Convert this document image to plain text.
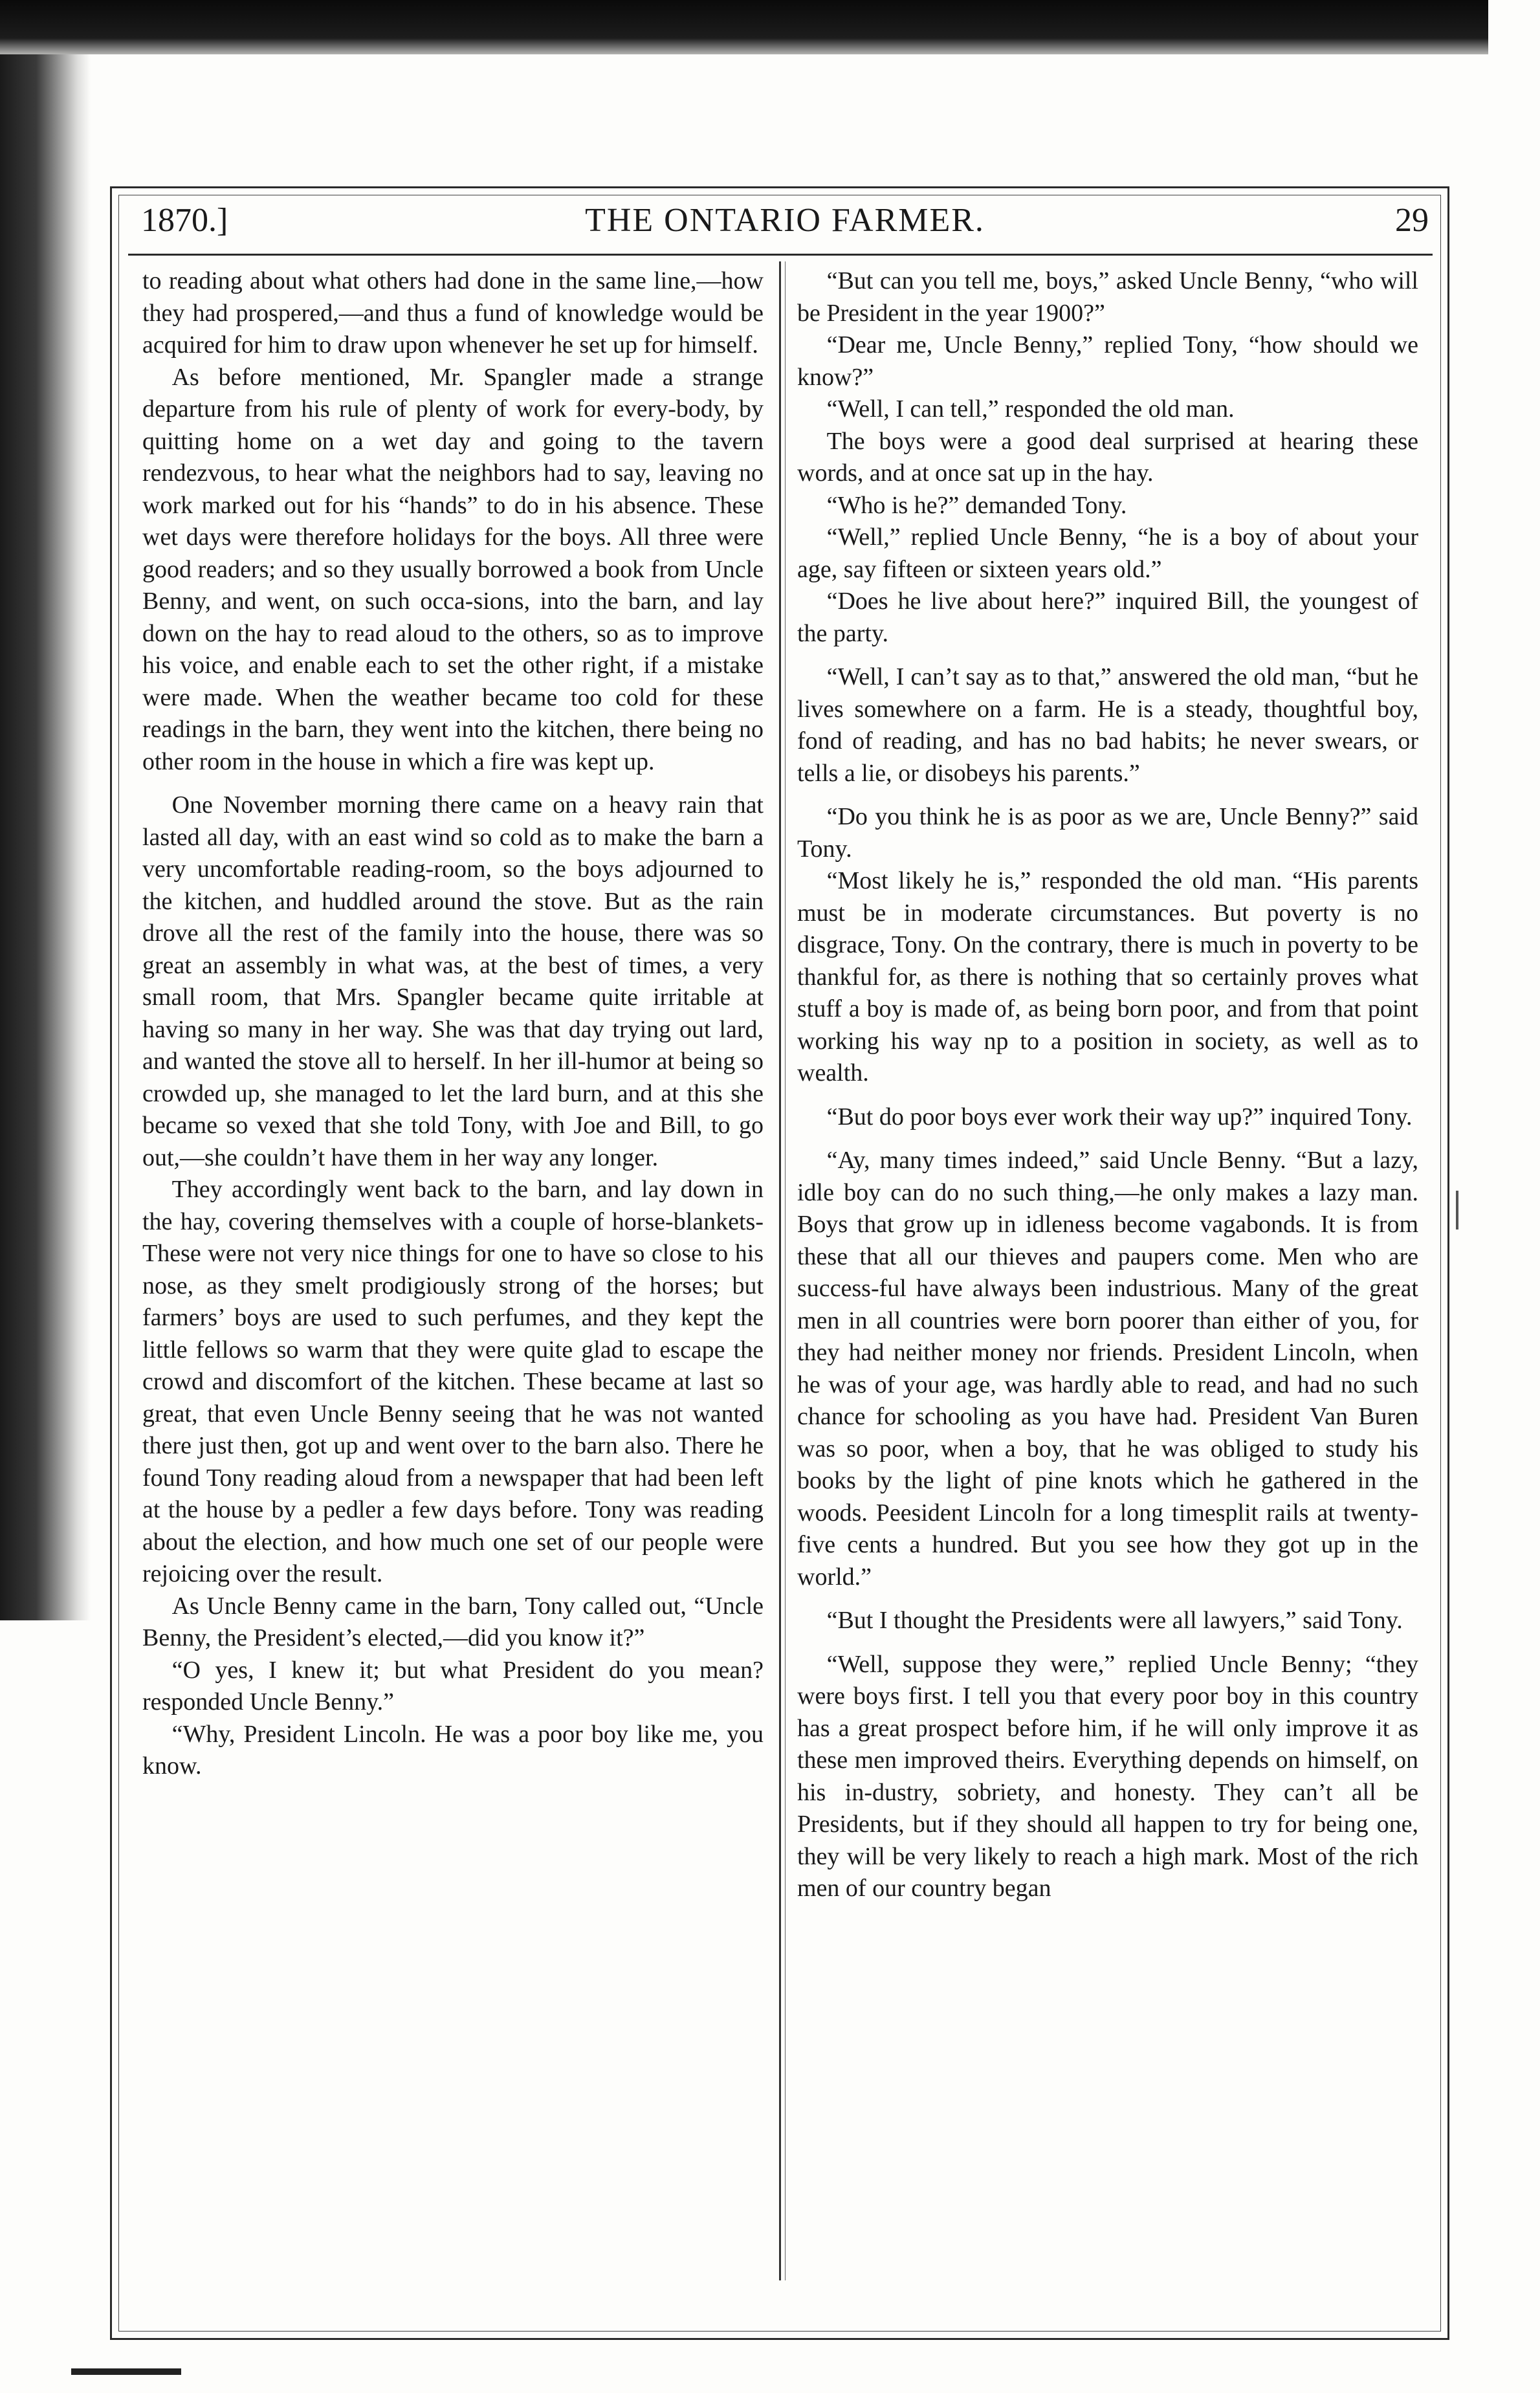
1870.]	THE ONTARIO FARMER.	29

to reading about what others had done in the same line,—how they had prospered,—and thus a fund of knowledge would be acquired for him to draw upon whenever he set up for himself.

As before mentioned, Mr. Spangler made a strange departure from his rule of plenty of work for every-body, by quitting home on a wet day and going to the tavern rendezvous, to hear what the neighbors had to say, leaving no work marked out for his “hands” to do in his absence. These wet days were therefore holidays for the boys. All three were good readers; and so they usually borrowed a book from Uncle Benny, and went, on such occa-sions, into the barn, and lay down on the hay to read aloud to the others, so as to improve his voice, and enable each to set the other right, if a mistake were made. When the weather became too cold for these readings in the barn, they went into the kitchen, there being no other room in the house in which a fire was kept up.

One November morning there came on a heavy rain that lasted all day, with an east wind so cold as to make the barn a very uncomfortable reading-room, so the boys adjourned to the kitchen, and huddled around the stove. But as the rain drove all the rest of the family into the house, there was so great an assembly in what was, at the best of times, a very small room, that Mrs. Spangler became quite irritable at having so many in her way. She was that day trying out lard, and wanted the stove all to herself. In her ill-humor at being so crowded up, she managed to let the lard burn, and at this she became so vexed that she told Tony, with Joe and Bill, to go out,—she couldn’t have them in her way any longer.

They accordingly went back to the barn, and lay down in the hay, covering themselves with a couple of horse-blankets- These were not very nice things for one to have so close to his nose, as they smelt prodigiously strong of the horses; but farmers’ boys are used to such perfumes, and they kept the little fellows so warm that they were quite glad to escape the crowd and discomfort of the kitchen. These became at last so great, that even Uncle Benny seeing that he was not wanted there just then, got up and went over to the barn also. There he found Tony reading aloud from a newspaper that had been left at the house by a pedler a few days before. Tony was reading about the election, and how much one set of our people were rejoicing over the result.

As Uncle Benny came in the barn, Tony called out, “Uncle Benny, the President’s elected,—did you know it?”

“O yes, I knew it; but what President do you mean? responded Uncle Benny.”

“Why, President Lincoln. He was a poor boy like me, you know.

“But can you tell me, boys,” asked Uncle Benny, “who will be President in the year 1900?”

“Dear me, Uncle Benny,” replied Tony, “how should we know?”

“Well, I can tell,” responded the old man.

The boys were a good deal surprised at hearing these words, and at once sat up in the hay.

“Who is he?” demanded Tony.

“Well,” replied Uncle Benny, “he is a boy of about your age, say fifteen or sixteen years old.”

“Does he live about here?” inquired Bill, the youngest of the party.

“Well, I can’t say as to that,” answered the old man, “but he lives somewhere on a farm. He is a steady, thoughtful boy, fond of reading, and has no bad habits; he never swears, or tells a lie, or disobeys his parents.”

“Do you think he is as poor as we are, Uncle Benny?” said Tony.

“Most likely he is,” responded the old man. “His parents must be in moderate circumstances. But poverty is no disgrace, Tony. On the contrary, there is much in poverty to be thankful for, as there is nothing that so certainly proves what stuff a boy is made of, as being born poor, and from that point working his way np to a position in society, as well as to wealth.

“But do poor boys ever work their way up?” inquired Tony.

“Ay, many times indeed,” said Uncle Benny. “But a lazy, idle boy can do no such thing,—he only makes a lazy man. Boys that grow up in idleness become vagabonds. It is from these that all our thieves and paupers come. Men who are success-ful have always been industrious. Many of the great men in all countries were born poorer than either of you, for they had neither money nor friends. President Lincoln, when he was of your age, was hardly able to read, and had no such chance for schooling as you have had. President Van Buren was so poor, when a boy, that he was obliged to study his books by the light of pine knots which he gathered in the woods. Peesident Lincoln for a long timesplit rails at twenty-five cents a hundred. But you see how they got up in the world.”

“But I thought the Presidents were all lawyers,” said Tony.

“Well, suppose they were,” replied Uncle Benny; “they were boys first. I tell you that every poor boy in this country has a great prospect before him, if he will only improve it as these men improved theirs. Everything depends on himself, on his in-dustry, sobriety, and honesty. They can’t all be Presidents, but if they should all happen to try for being one, they will be very likely to reach a high mark. Most of the rich men of our country began
